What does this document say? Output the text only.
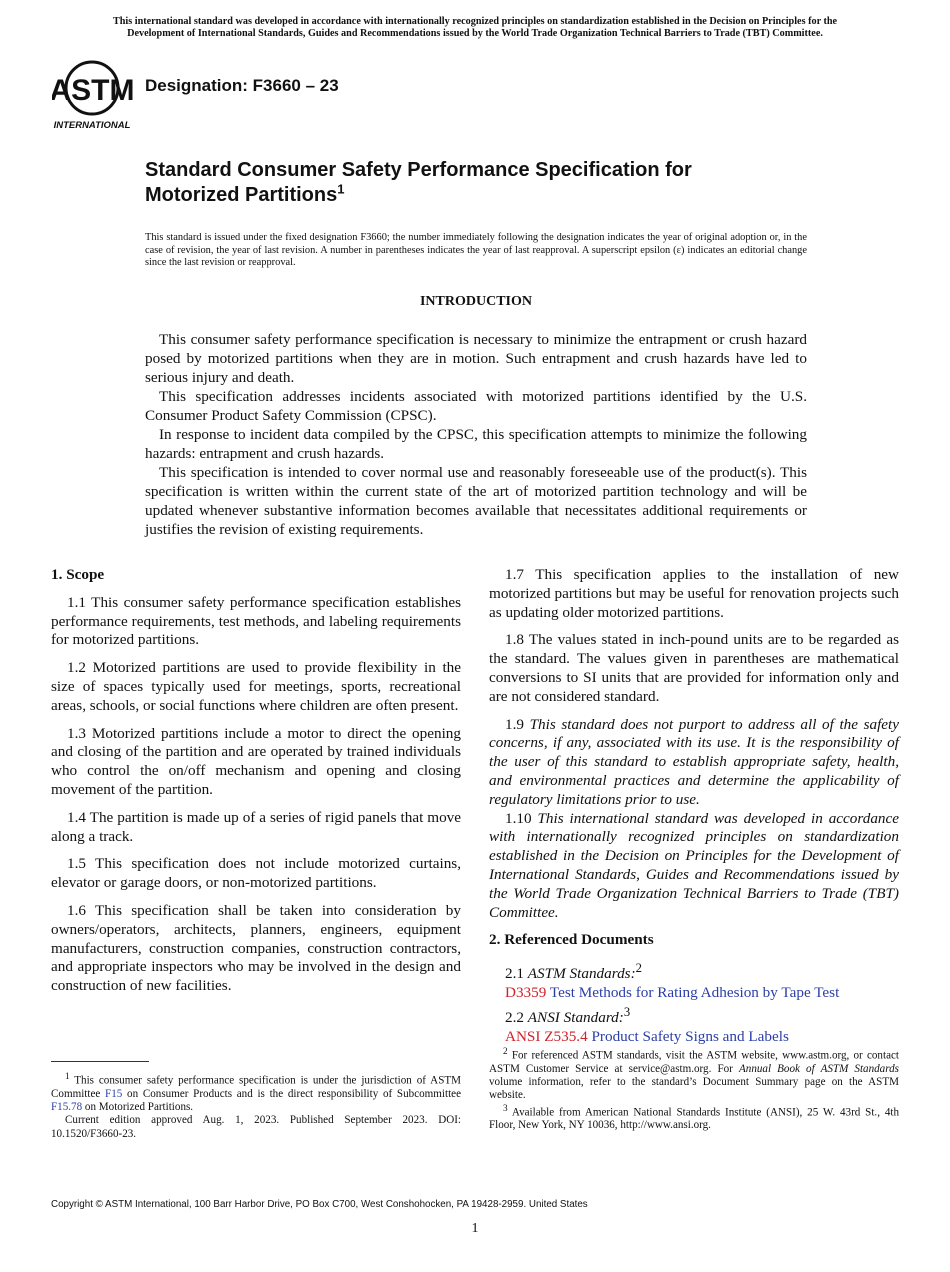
This international standard was developed in accordance with internationally recognized principles on standardization established in the Decision on Principles for the
Development of International Standards, Guides and Recommendations issued by the World Trade Organization Technical Barriers to Trade (TBT) Committee.
ASTM
INTERNATIONAL
Designation: F3660 – 23
Standard Consumer Safety Performance Specification for
Motorized Partitions$^1$
This standard is issued under the fixed designation F3660; the number immediately following the designation indicates the year of original adoption or, in the case of revision, the year of last revision. A number in parentheses indicates the year of last reapproval. A superscript epsilon (ε) indicates an editorial change since the last revision or reapproval.
INTRODUCTION

This consumer safety performance specification is necessary to minimize the entrapment or crush hazard posed by motorized partitions when they are in motion. Such entrapment and crush hazards have led to serious injury and death.

This specification addresses incidents associated with motorized partitions identified by the U.S. Consumer Product Safety Commission (CPSC).

In response to incident data compiled by the CPSC, this specification attempts to minimize the following hazards: entrapment and crush hazards.

This specification is intended to cover normal use and reasonably foreseeable use of the product(s). This specification is written within the current state of the art of motorized partition technology and will be updated whenever substantive information becomes available that necessitates additional requirements or justifies the revision of existing requirements.

1. Scope

1.1 This consumer safety performance specification establishes performance requirements, test methods, and labeling requirements for motorized partitions.

1.2 Motorized partitions are used to provide flexibility in the size of spaces typically used for meetings, sports, recreational areas, schools, or social functions where children are often present.

1.3 Motorized partitions include a motor to direct the opening and closing of the partition and are operated by trained individuals who control the on/off mechanism and opening and closing movement of the partition.

1.4 The partition is made up of a series of rigid panels that move along a track.

1.5 This specification does not include motorized curtains, elevator or garage doors, or non-motorized partitions.

1.6 This specification shall be taken into consideration by owners/operators, architects, planners, engineers, equipment manufacturers, construction companies, construction contractors, and appropriate inspectors who may be involved in the design and construction of new facilities.

1.7 This specification applies to the installation of new motorized partitions but may be useful for renovation projects such as updating older motorized partitions.

1.8 The values stated in inch-pound units are to be regarded as the standard. The values given in parentheses are mathematical conversions to SI units that are provided for information only and are not considered standard.

1.9 This standard does not purport to address all of the safety concerns, if any, associated with its use. It is the responsibility of the user of this standard to establish appropriate safety, health, and environmental practices and determine the applicability of regulatory limitations prior to use.

1.10 This international standard was developed in accordance with internationally recognized principles on standardization established in the Decision on Principles for the Development of International Standards, Guides and Recommendations issued by the World Trade Organization Technical Barriers to Trade (TBT) Committee.

2. Referenced Documents
2.1 ASTM Standards:$^2$
D3359 Test Methods for Rating Adhesion by Tape Test
2.2 ANSI Standard:$^3$
ANSI Z535.4 Product Safety Signs and Labels

$^1$ This consumer safety performance specification is under the jurisdiction of ASTM Committee F15 on Consumer Products and is the direct responsibility of Subcommittee F15.78 on Motorized Partitions.

Current edition approved Aug. 1, 2023. Published September 2023. DOI: 10.1520/F3660-23.

$^2$ For referenced ASTM standards, visit the ASTM website, www.astm.org, or contact ASTM Customer Service at service@astm.org. For Annual Book of ASTM Standards volume information, refer to the standard’s Document Summary page on the ASTM website.

$^3$ Available from American National Standards Institute (ANSI), 25 W. 43rd St., 4th Floor, New York, NY 10036, http://www.ansi.org.

Copyright © ASTM International, 100 Barr Harbor Drive, PO Box C700, West Conshohocken, PA 19428-2959. United States
1
